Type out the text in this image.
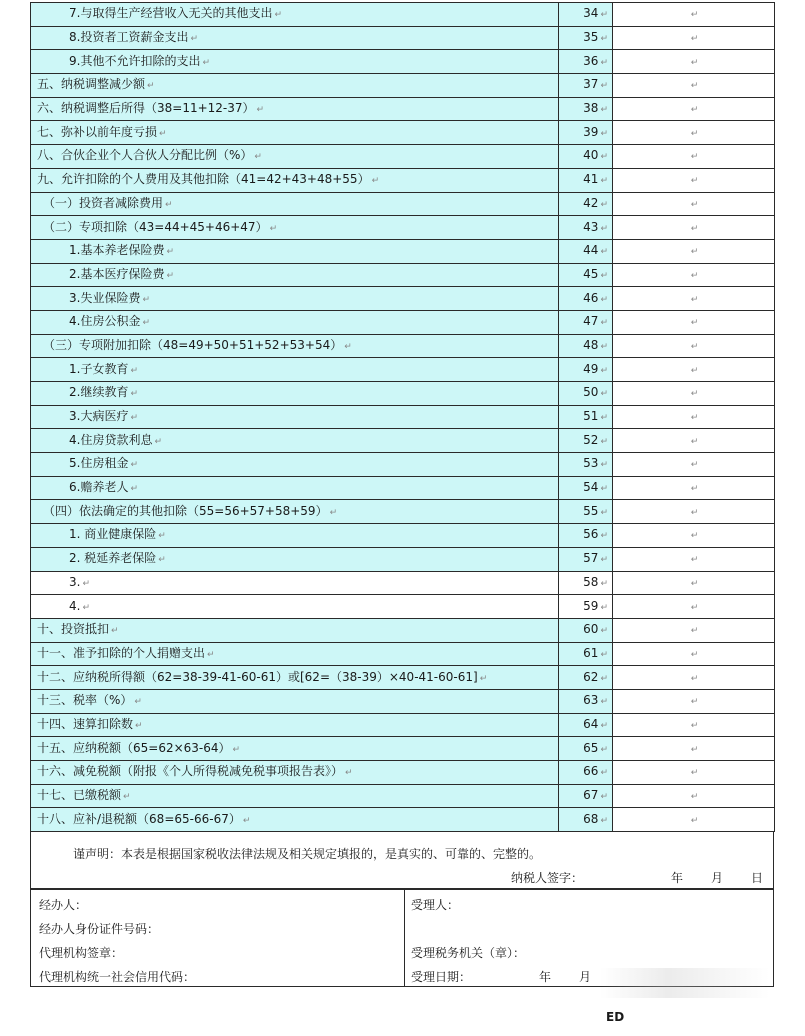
7.与取得生产经营收入无关的其他支出 ↵	34 ↵	↵
8.投资者工资薪金支出 ↵	35 ↵	↵
9.其他不允许扣除的支出 ↵	36 ↵	↵
五、纳税调整减少额 ↵	37 ↵	↵
六、纳税调整后所得（38=11+12-37） ↵	38 ↵	↵
七、弥补以前年度亏损 ↵	39 ↵	↵
八、合伙企业个人合伙人分配比例（%） ↵	40 ↵	↵
九、允许扣除的个人费用及其他扣除（41=42+43+48+55） ↵	41 ↵	↵
（一）投资者减除费用 ↵	42 ↵	↵
（二）专项扣除（43=44+45+46+47） ↵	43 ↵	↵
1.基本养老保险费 ↵	44 ↵	↵
2.基本医疗保险费 ↵	45 ↵	↵
3.失业保险费 ↵	46 ↵	↵
4.住房公积金 ↵	47 ↵	↵
（三）专项附加扣除（48=49+50+51+52+53+54） ↵	48 ↵	↵
1.子女教育 ↵	49 ↵	↵
2.继续教育 ↵	50 ↵	↵
3.大病医疗 ↵	51 ↵	↵
4.住房贷款利息 ↵	52 ↵	↵
5.住房租金 ↵	53 ↵	↵
6.赡养老人 ↵	54 ↵	↵
（四）依法确定的其他扣除（55=56+57+58+59） ↵	55 ↵	↵
1. 商业健康保险 ↵	56 ↵	↵
2. 税延养老保险 ↵	57 ↵	↵
3. ↵	58 ↵	↵
4. ↵	59 ↵	↵
十、投资抵扣 ↵	60 ↵	↵
十一、准予扣除的个人捐赠支出 ↵	61 ↵	↵
十二、应纳税所得额（62=38-39-41-60-61）或[62=（38-39）×40-41-60-61] ↵	62 ↵	↵
十三、税率（%） ↵	63 ↵	↵
十四、速算扣除数 ↵	64 ↵	↵
十五、应纳税额（65=62×63-64） ↵	65 ↵	↵
十六、减免税额（附报《个人所得税减免税事项报告表》） ↵	66 ↵	↵
十七、已缴税额 ↵	67 ↵	↵
十八、应补/退税额（68=65-66-67） ↵	68 ↵	↵
谨声明：本表是根据国家税收法律法规及相关规定填报的，是真实的、可靠的、完整的。
纳税人签字：	年 月 日
经办人：
经办人身份证件号码：
代理机构签章：
代理机构统一社会信用代码：
受理人：
受理税务机关（章）：
受理日期：	年 月
ED
